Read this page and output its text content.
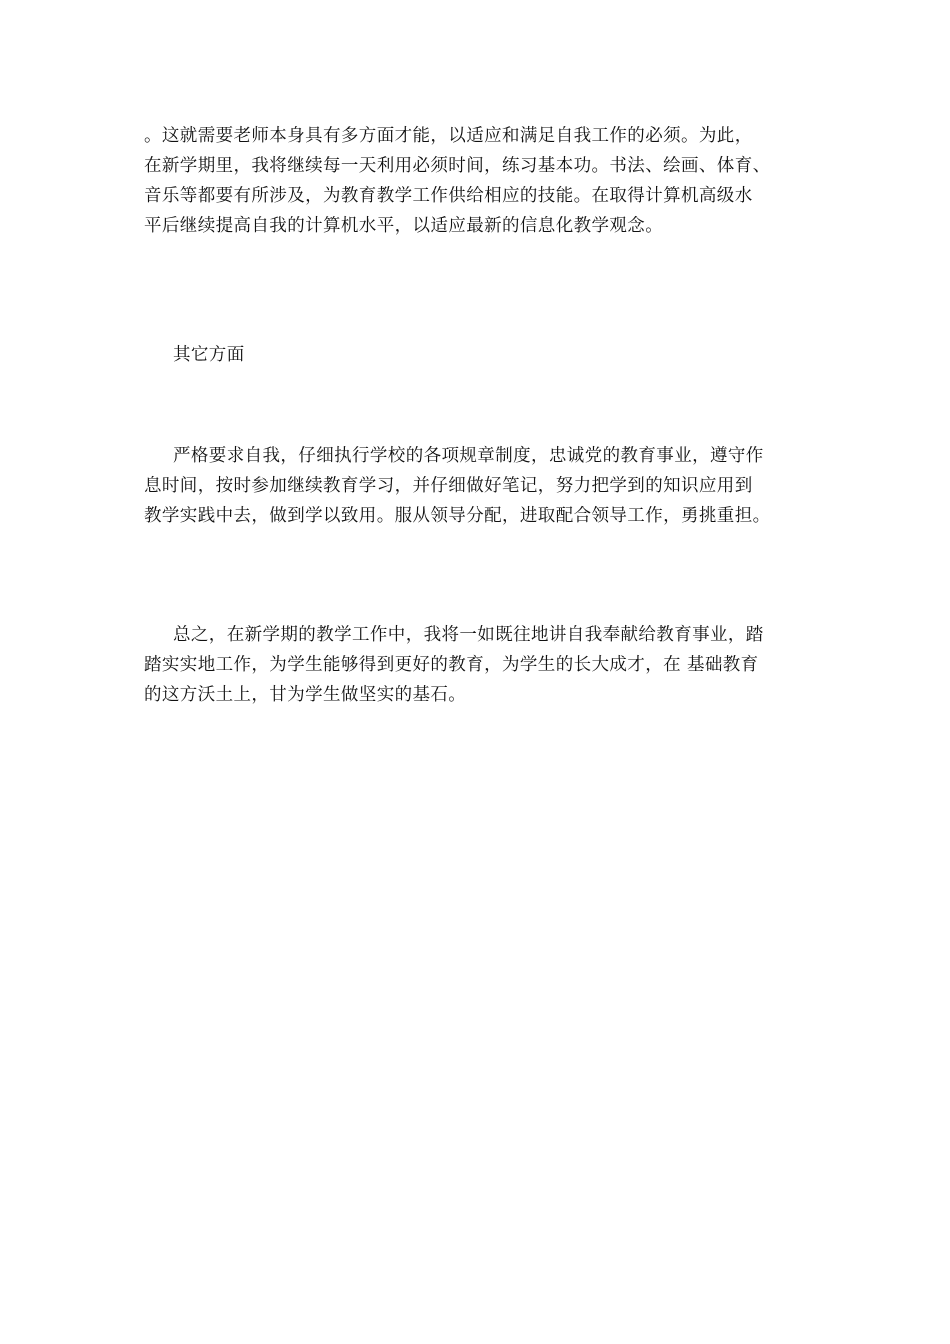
。这就需要老师本身具有多方面才能，以适应和满足自我工作的必须。为此，
在新学期里，我将继续每一天利用必须时间，练习基本功。书法、绘画、体育、
音乐等都要有所涉及，为教育教学工作供给相应的技能。在取得计算机高级水
平后继续提高自我的计算机水平，以适应最新的信息化教学观念。
其它方面
严格要求自我，仔细执行学校的各项规章制度，忠诚党的教育事业，遵守作
息时间，按时参加继续教育学习，并仔细做好笔记，努力把学到的知识应用到
教学实践中去，做到学以致用。服从领导分配，进取配合领导工作，勇挑重担。
总之，在新学期的教学工作中，我将一如既往地讲自我奉献给教育事业，踏
踏实实地工作，为学生能够得到更好的教育，为学生的长大成才，在 基础教育
的这方沃土上，甘为学生做坚实的基石。
